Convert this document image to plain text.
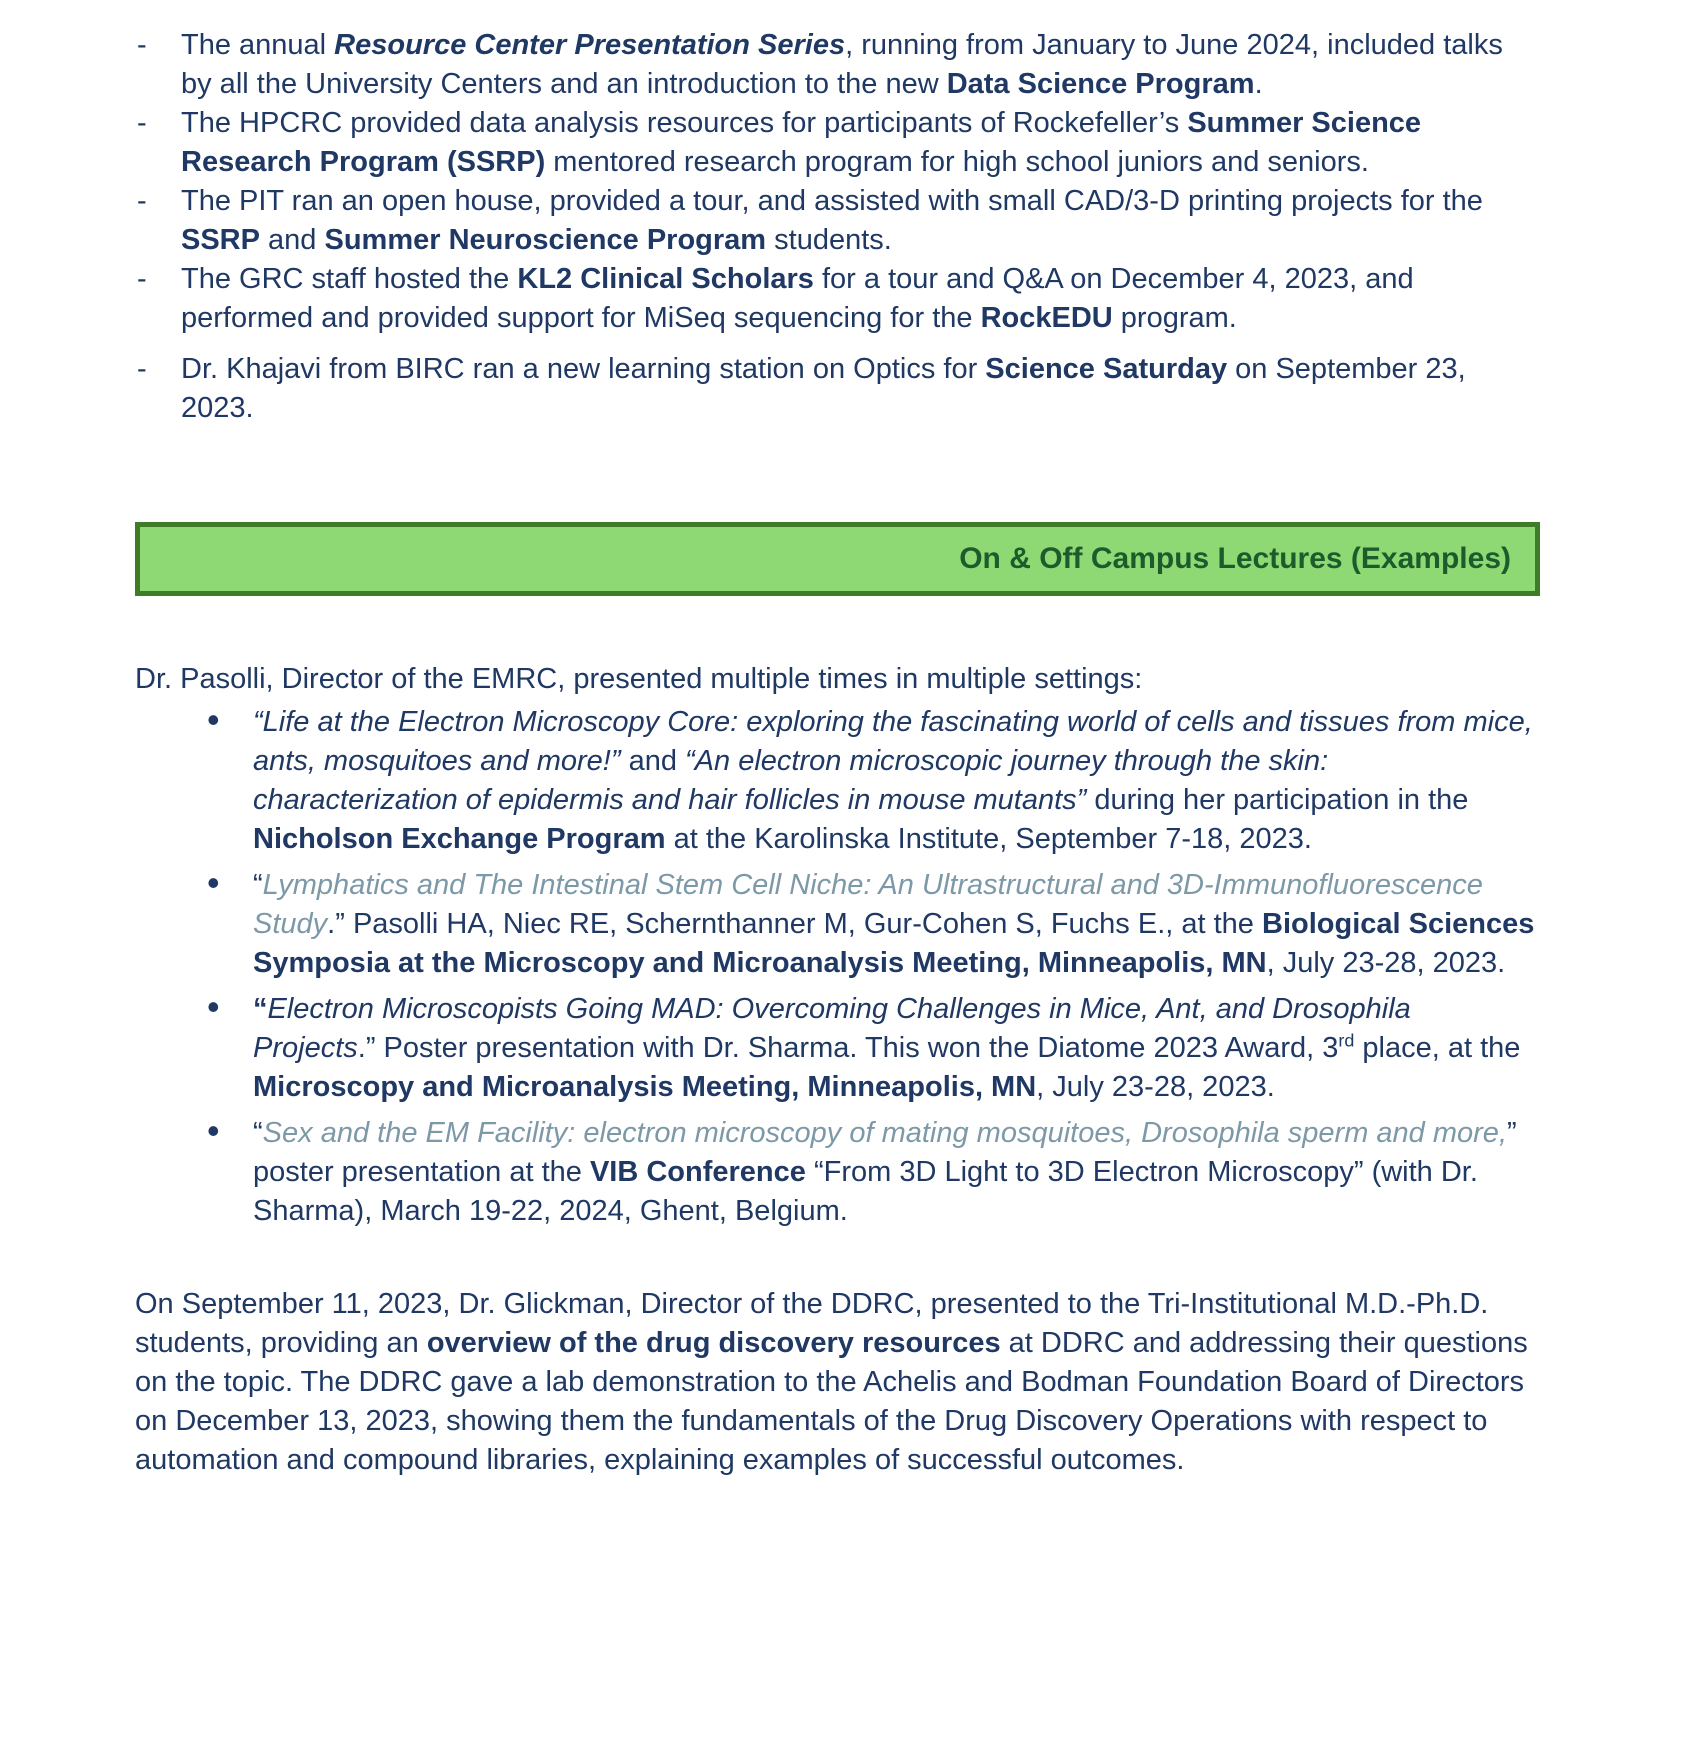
- The annual Resource Center Presentation Series, running from January to June 2024, included talks by all the University Centers and an introduction to the new Data Science Program.
- The HPCRC provided data analysis resources for participants of Rockefeller’s Summer Science Research Program (SSRP) mentored research program for high school juniors and seniors.
- The PIT ran an open house, provided a tour, and assisted with small CAD/3-D printing projects for the SSRP and Summer Neuroscience Program students.
- The GRC staff hosted the KL2 Clinical Scholars for a tour and Q&A on December 4, 2023, and performed and provided support for MiSeq sequencing for the RockEDU program.
- Dr. Khajavi from BIRC ran a new learning station on Optics for Science Saturday on September 23, 2023.
On & Off Campus Lectures (Examples)

Dr. Pasolli, Director of the EMRC, presented multiple times in multiple settings:

• “Life at the Electron Microscopy Core: exploring the fascinating world of cells and tissues from mice, ants, mosquitoes and more!” and “An electron microscopic journey through the skin: characterization of epidermis and hair follicles in mouse mutants” during her participation in the Nicholson Exchange Program at the Karolinska Institute, September 7-18, 2023.
• “Lymphatics and The Intestinal Stem Cell Niche: An Ultrastructural and 3D-Immunofluorescence Study.” Pasolli HA, Niec RE, Schernthanner M, Gur-Cohen S, Fuchs E., at the Biological Sciences Symposia at the Microscopy and Microanalysis Meeting, Minneapolis, MN, July 23-28, 2023.
• “Electron Microscopists Going MAD: Overcoming Challenges in Mice, Ant, and Drosophila Projects.” Poster presentation with Dr. Sharma. This won the Diatome 2023 Award, 3rd place, at the Microscopy and Microanalysis Meeting, Minneapolis, MN, July 23-28, 2023.
• “Sex and the EM Facility: electron microscopy of mating mosquitoes, Drosophila sperm and more,” poster presentation at the VIB Conference “From 3D Light to 3D Electron Microscopy” (with Dr. Sharma), March 19-22, 2024, Ghent, Belgium.

On September 11, 2023, Dr. Glickman, Director of the DDRC, presented to the Tri-Institutional M.D.-Ph.D. students, providing an overview of the drug discovery resources at DDRC and addressing their questions on the topic. The DDRC gave a lab demonstration to the Achelis and Bodman Foundation Board of Directors on December 13, 2023, showing them the fundamentals of the Drug Discovery Operations with respect to automation and compound libraries, explaining examples of successful outcomes.
